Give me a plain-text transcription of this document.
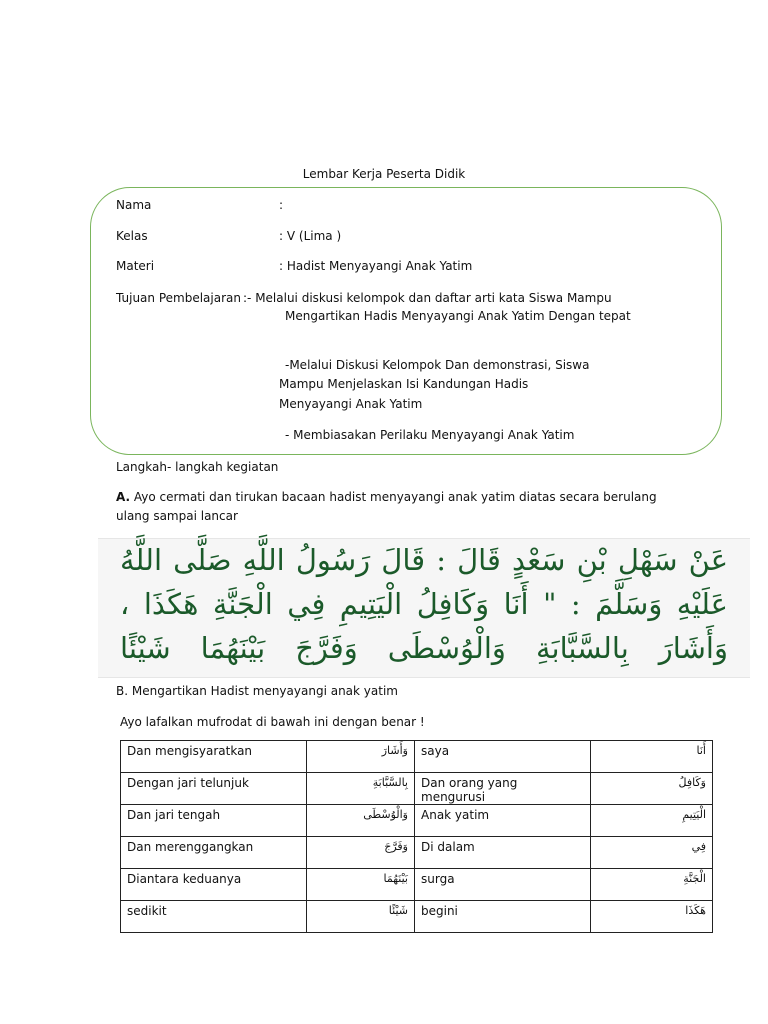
Lembar Kerja Peserta Didik
Nama	:
Kelas	: V (Lima )
Materi	: Hadist Menyayangi Anak Yatim
Tujuan Pembelajaran :- Melalui diskusi kelompok dan daftar arti kata Siswa Mampu
Mengartikan Hadis Menyayangi Anak Yatim Dengan tepat
-Melalui Diskusi Kelompok Dan demonstrasi, Siswa
Mampu Menjelaskan Isi Kandungan Hadis
Menyayangi Anak Yatim
- Membiasakan Perilaku Menyayangi Anak Yatim
Langkah- langkah kegiatan
A. Ayo cermati dan tirukan bacaan hadist menyayangi anak yatim diatas secara berulang
ulang sampai lancar
عَنْ سَهْلِ بْنِ سَعْدٍ قَالَ : قَالَ رَسُولُ اللَّهِ صَلَّى اللَّهُ
عَلَيْهِ وَسَلَّمَ : " أَنَا وَكَافِلُ الْيَتِيمِ فِي الْجَنَّةِ هَكَذَا ،
وَأَشَارَ بِالسَّبَّابَةِ وَالْوُسْطَى وَفَرَّجَ بَيْنَهُمَا شَيْئًا
B. Mengartikan Hadist menyayangi anak yatim
Ayo lafalkan mufrodat di bawah ini dengan benar !
Dan mengisyaratkan	وَأَشَارَ	saya	أَنَا

Dengan jari telunjuk	بِالسَّبَّابَةِ	Dan orang yang mengurusi	وَكَافِلُ

Dan jari tengah	وَالْوُسْطَى	Anak yatim	الْيَتِيمِ

Dan merenggangkan	وَفَرَّجَ	Di dalam	فِي

Diantara keduanya	بَيْنَهُمَا	surga	الْجَنَّةِ

sedikit	شَيْئًا	begini	هَكَذَا
